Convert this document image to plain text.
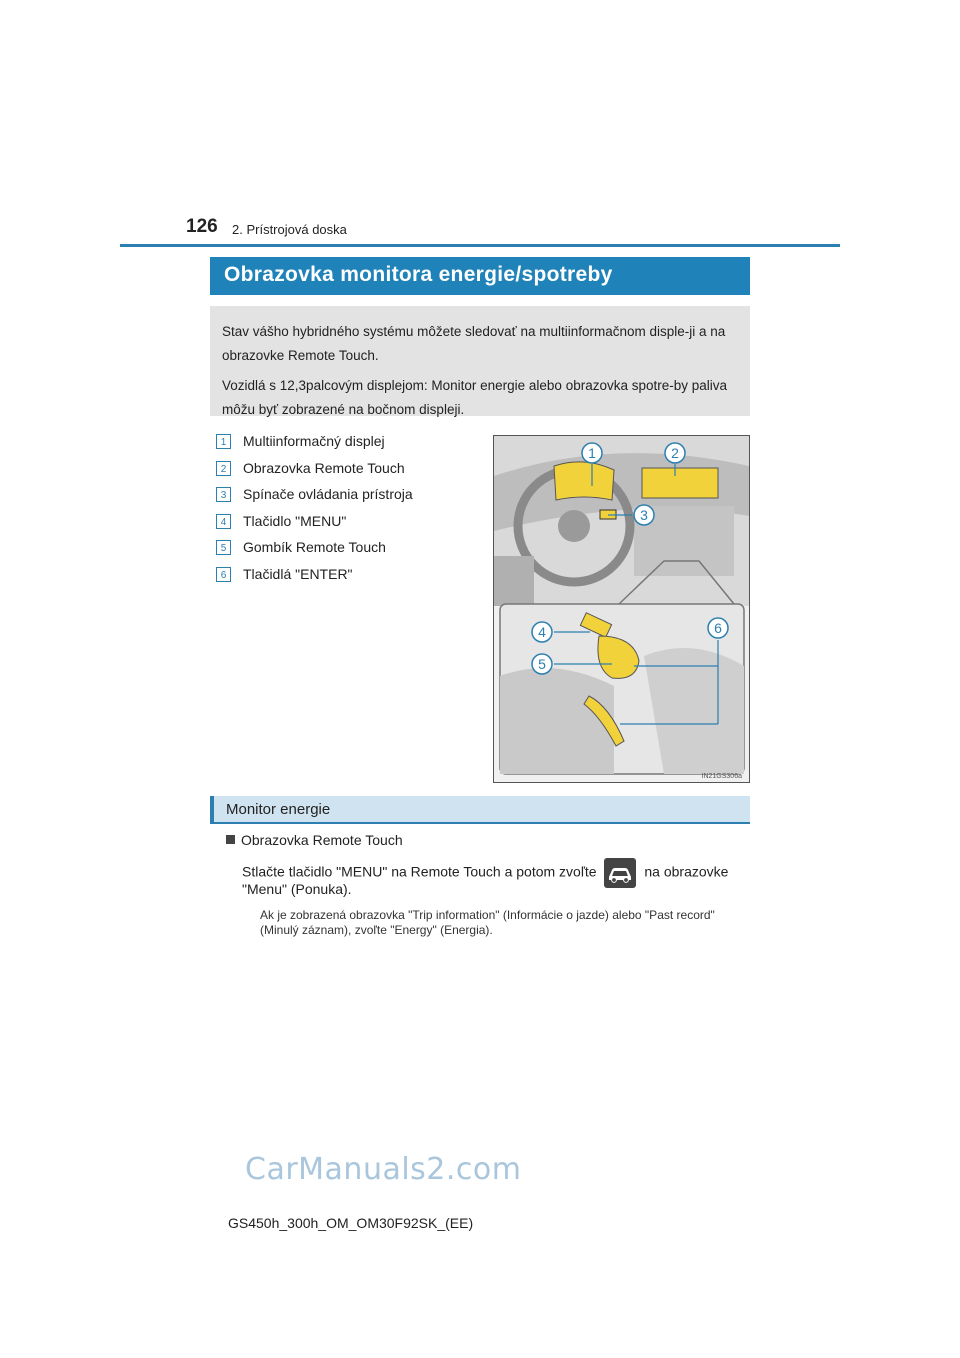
126 2. Prístrojová doska
Obrazovka monitora energie/spotreby

Stav vášho hybridného systému môžete sledovať na multiinformačnom disple-ji a na obrazovke Remote Touch.

Vozidlá s 12,3palcovým displejom: Monitor energie alebo obrazovka spotre-by paliva môžu byť zobrazené na bočnom displeji.

1	Multiinformačný displej
2	Obrazovka Remote Touch
3	Spínače ovládania prístroja
4	Tlačidlo "MENU"
5	Gombík Remote Touch
6	Tlačidlá "ENTER"
1	2
3
4
5
6
IN21GS306a
Monitor energie
Obrazovka Remote Touch
Stlačte tlačidlo "MENU" na Remote Touch a potom zvoľte	na obrazovke
"Menu" (Ponuka).
Ak je zobrazená obrazovka "Trip information" (Informácie o jazde) alebo "Past record" (Minulý záznam), zvoľte "Energy" (Energia).
CarManuals2.com
GS450h_300h_OM_OM30F92SK_(EE)
